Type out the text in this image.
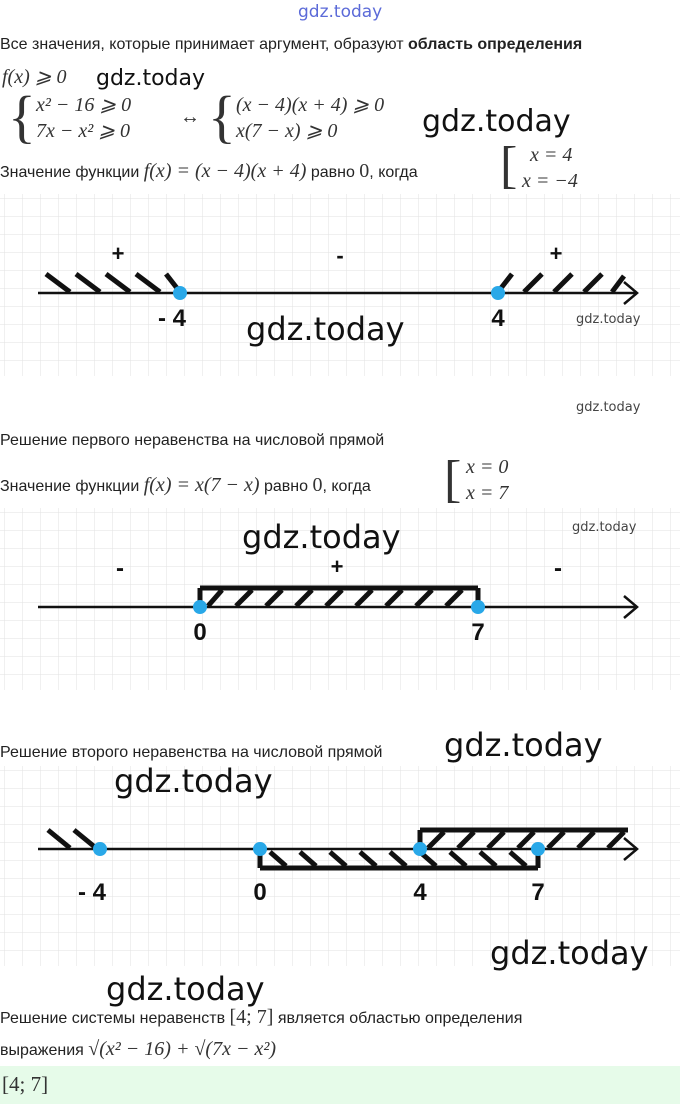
gdz.today
Все значения, которые принимает аргумент, образуют область определения
f(x) ⩾ 0 gdz.today
{ x² − 16 ⩾ 0
7x − x² ⩾ 0
↔ { (x − 4)(x + 4) ⩾ 0
x(7 − x) ⩾ 0	gdz.today
Значение функции f(x) = (x − 4)(x + 4) равно 0, когда [ x = 4
x = −4
+	-	+
- 4	4
gdz.today	gdz.today
gdz.today
Решение первого неравенства на числовой прямой
Значение функции f(x) = x(7 − x) равно 0, когда [ x = 0
x = 7
-	+	-
0	7
gdz.today	gdz.today
Решение второго неравенства на числовой прямой gdz.today
- 4	0	4	7
gdz.today
gdz.today
gdz.today
Решение системы неравенств [4; 7] является областью определения
выражения √(x² − 16) + √(7x − x²)
[4; 7]
